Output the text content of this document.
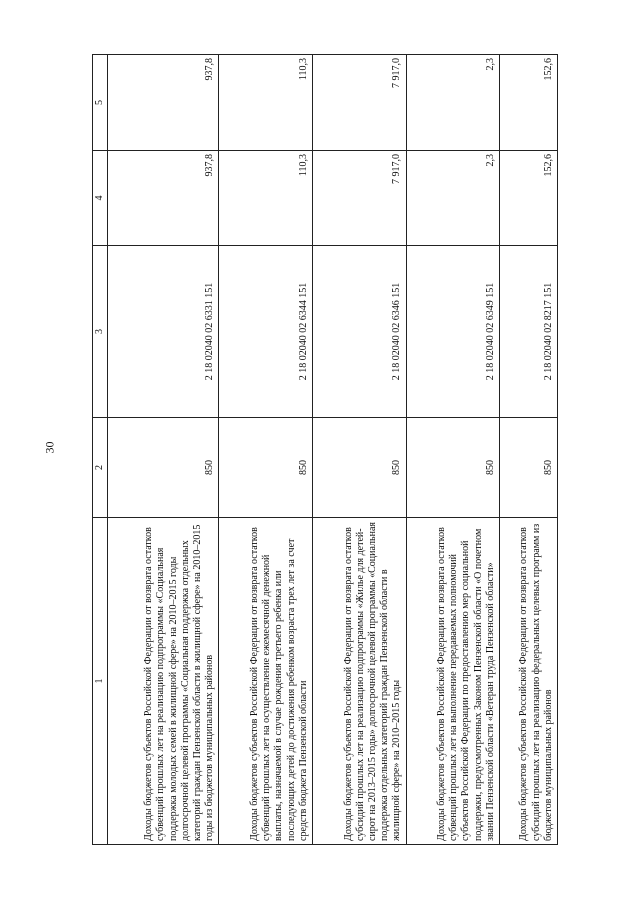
30
1	2	3	4	5
Доходы бюджетов субъектов Российской Федерации от возврата остатков субвенций прошлых лет на реализацию подпрограммы «Социальная поддержка молодых семей в жилищной сфере» на 2010–2015 годы долгосрочной целевой программы «Социальная поддержка отдельных категорий граждан Пензенской области в жилищной сфере» на 2010–2015 годы из бюджетов муниципальных районов	850	2 18 02040 02 6331 151	937,8	937,8
Доходы бюджетов субъектов Российской Федерации от возврата остатков субвенций прошлых лет на осуществление ежемесячной денежной выплаты, назначаемой в случае рождения третьего ребенка или последующих детей до достижения ребенком возраста трех лет за счет средств бюджета Пензенской области	850	2 18 02040 02 6344 151	110,3	110,3
Доходы бюджетов субъектов Российской Федерации от возврата остатков субсидий прошлых лет на реализацию подпрограммы «Жилье для детей-сирот на 2013–2015 годы» долгосрочной целевой программы «Социальная поддержка отдельных категорий граждан Пензенской области в жилищной сфере» на 2010–2015 годы	850	2 18 02040 02 6346 151	7 917,0	7 917,0
Доходы бюджетов субъектов Российской Федерации от возврата остатков субвенций прошлых лет на выполнение передаваемых полномочий субъектов Российской Федерации по предоставлению мер социальной поддержки, предусмотренных Законом Пензенской области «О почетном звании Пензенской области «Ветеран труда Пензенской области»	850	2 18 02040 02 6349 151	2,3	2,3
Доходы бюджетов субъектов Российской Федерации от возврата остатков субсидий прошлых лет на реализацию федеральных целевых программ из бюджетов муниципальных районов	850	2 18 02040 02 8217 151	152,6	152,6
